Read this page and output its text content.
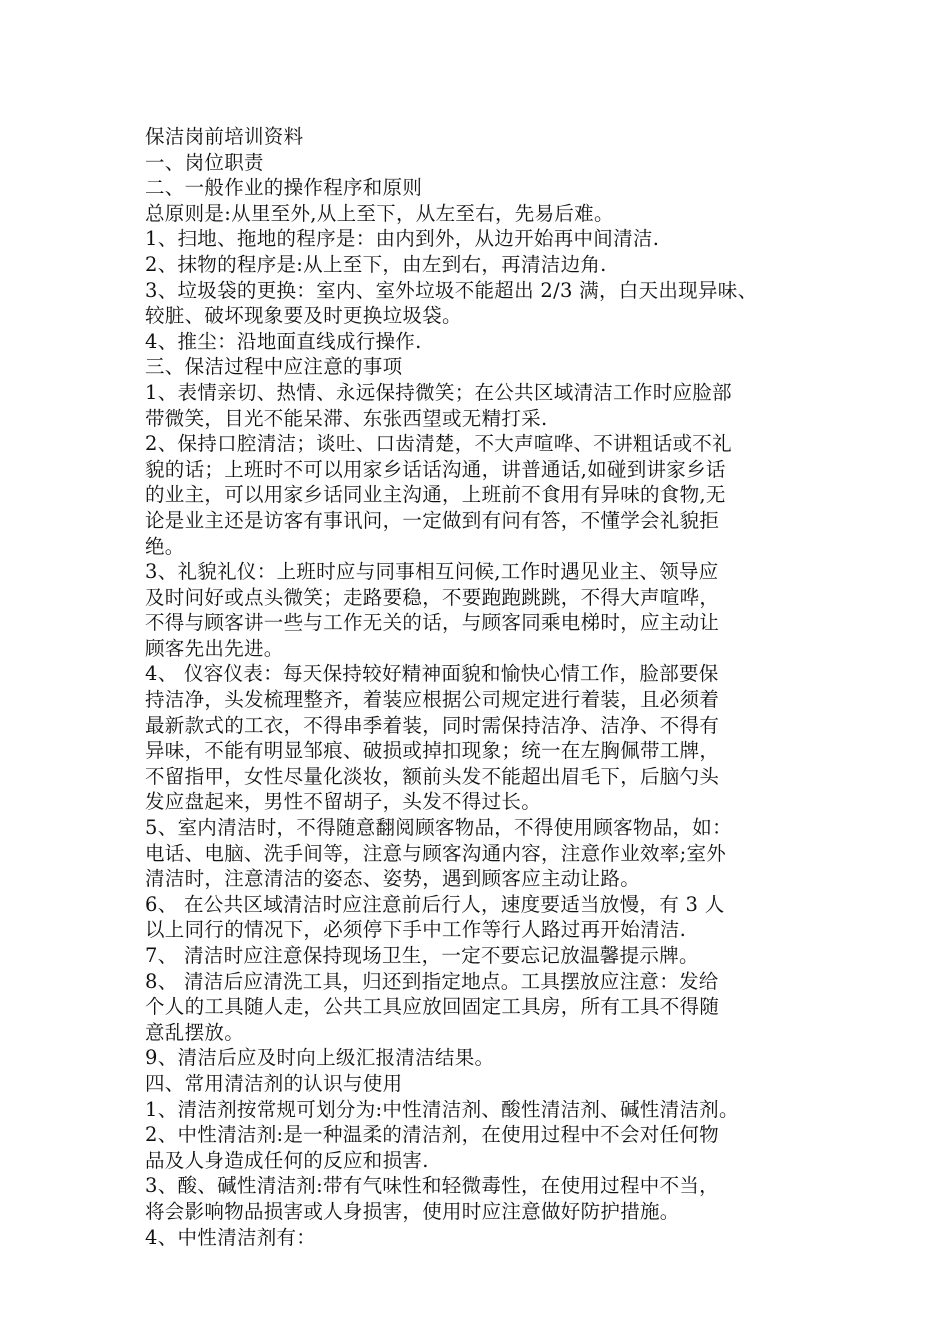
保洁岗前培训资料
一、岗位职责
二、一般作业的操作程序和原则
总原则是:从里至外,从上至下，从左至右，先易后难。
1、扫地、拖地的程序是：由内到外，从边开始再中间清洁.
2、抹物的程序是:从上至下，由左到右，再清洁边角.
3、垃圾袋的更换：室内、室外垃圾不能超出 2/3 满，白天出现异味、
较脏、破坏现象要及时更换垃圾袋。
4、推尘：沿地面直线成行操作.
三、保洁过程中应注意的事项
1、表情亲切、热情、永远保持微笑；在公共区域清洁工作时应脸部
带微笑，目光不能呆滞、东张西望或无精打采.
2、保持口腔清洁；谈吐、口齿清楚，不大声喧哗、不讲粗话或不礼
貌的话；上班时不可以用家乡话话沟通，讲普通话,如碰到讲家乡话
的业主，可以用家乡话同业主沟通，上班前不食用有异味的食物,无
论是业主还是访客有事讯问，一定做到有问有答，不懂学会礼貌拒
绝。
3、礼貌礼仪：上班时应与同事相互问候,工作时遇见业主、领导应
及时问好或点头微笑；走路要稳，不要跑跑跳跳，不得大声喧哗，
不得与顾客讲一些与工作无关的话，与顾客同乘电梯时，应主动让
顾客先出先进。
4、 仪容仪表：每天保持较好精神面貌和愉快心情工作，脸部要保
持洁净，头发梳理整齐，着装应根据公司规定进行着装，且必须着
最新款式的工衣，不得串季着装，同时需保持洁净、洁净、不得有
异味，不能有明显邹痕、破损或掉扣现象；统一在左胸佩带工牌，
不留指甲，女性尽量化淡妆，额前头发不能超出眉毛下，后脑勺头
发应盘起来，男性不留胡子，头发不得过长。
5、室内清洁时，不得随意翻阅顾客物品，不得使用顾客物品，如：
电话、电脑、洗手间等，注意与顾客沟通内容，注意作业效率;室外
清洁时，注意清洁的姿态、姿势，遇到顾客应主动让路。
6、 在公共区域清洁时应注意前后行人，速度要适当放慢，有 3 人
以上同行的情况下，必须停下手中工作等行人路过再开始清洁.
7、 清洁时应注意保持现场卫生，一定不要忘记放温馨提示牌。
8、 清洁后应清洗工具，归还到指定地点。工具摆放应注意：发给
个人的工具随人走，公共工具应放回固定工具房，所有工具不得随
意乱摆放。
9、清洁后应及时向上级汇报清洁结果。
四、常用清洁剂的认识与使用
1、清洁剂按常规可划分为:中性清洁剂、酸性清洁剂、碱性清洁剂。
2、中性清洁剂:是一种温柔的清洁剂，在使用过程中不会对任何物
品及人身造成任何的反应和损害.
3、酸、碱性清洁剂:带有气味性和轻微毒性，在使用过程中不当，
将会影响物品损害或人身损害，使用时应注意做好防护措施。
4、中性清洁剂有：
